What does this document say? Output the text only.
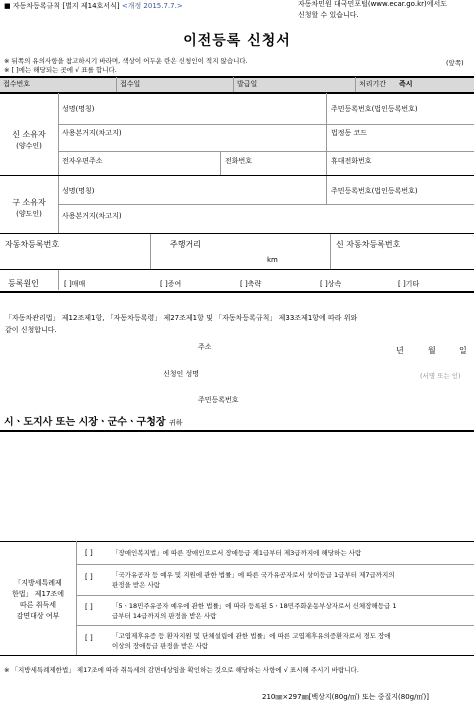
■ 자동차등록규칙 [별지 제14호서식] <개정 2015.7.7.>	자동차민원 대국민포털(www.ecar.go.kr)에서도
신청할 수 있습니다.
이전등록 신청서
※ 뒤쪽의 유의사항을 참고하시기 바라며, 색상이 어두운 란은 신청인이 적지 않습니다.
※ [ ]에는 해당되는 곳에 √ 표를 합니다.
(앞쪽)
접수번호	접수일	발급일	처리기간 즉시
신 소유자
(양수인)
성명(명칭)	주민등록번호(법인등록번호)
사용본거지(차고지)	법정동 코드
전자우편주소	전화번호	휴대전화번호
구 소유자
(양도인)
성명(명칭)	주민등록번호(법인등록번호)
사용본거지(차고지)
자동차등록번호	주행거리
km
신 자동차등록번호
등록원인	[ ]매매	[ ]증여	[ ]축략	[ ]상속	[ ]기타
「자동차관리법」 제12조제1항, 「자동차등록령」 제27조제1항 및 「자동차등록규칙」 제33조제1항에 따라 위와
같이 신청합니다.
년	월	일
주소
신청인 성명	(서명 또는 인)
주민등록번호
시ㆍ도지사 또는 시장ㆍ군수ㆍ구청장 귀하
「지방세특례제
한법」 제17조에
따른 취득세
감면대상 여부
[ ]	「장애인복지법」에 따른 장애인으로서 장애등급 제1급부터 제3급까지에 해당하는 사람
[ ]	「국가유공자 등 예우 및 지원에 관한 법률」에 따른 국가유공자로서 상이등급 1급부터 제7급까지의
판정을 받은 사람
[ ]	「5ㆍ18민주유공자 예우에 관한 법률」에 따라 등록된 5ㆍ18민주화운동부상자로서 신체장해등급 1
급부터 14급까지의 판정을 받은 사람
[ ]	「고엽제후유증 등 환자지원 및 단체설립에 관한 법률」에 따른 고엽제후유의증환자로서 경도 장애
이상의 장애등급 판정을 받은 사람
※ 「지방세특례제한법」 제17조에 따라 취득세의 감면대상임을 확인하는 것으로 해당하는 사항에 √ 표시해 주시기 바랍니다.
210㎜×297㎜[백상지(80g/㎡) 또는 중질지(80g/㎡)]
